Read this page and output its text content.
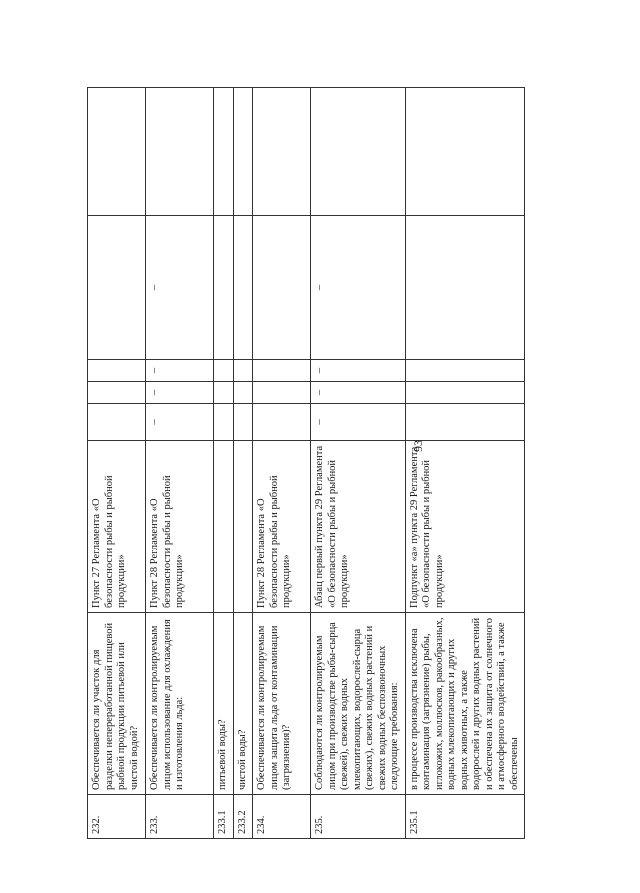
93
232.	Обеспечивается ли участок для разделки непереработанной пищевой рыбной продукции питьевой или чистой водой?	Пункт 27 Регламента «О безопасности рыбы и рыбной продукции»					
233.	Обеспечивается ли контролируемым лицом использование для охлаждения и изготовления льда:	Пункт 28 Регламента «О безопасности рыбы и рыбной продукции»	–	–	–	–	
233.1	питьевой воды?						
233.2	чистой воды?						
234.	Обеспечивается ли контролируемым лицом защита льда от контаминации (загрязнения)?	Пункт 28 Регламента «О безопасности рыбы и рыбной продукции»					
235.	Соблюдаются ли контролируемым лицом при производстве рыбы-сырца (свежей), свежих водных млекопитающих, водорослей-сырца (свежих), свежих водных растений и свежих водных беспозвоночных следующие требования:	Абзац первый пункта 29 Регламента «О безопасности рыбы и рыбной продукции»	–	–	–	–	
235.1	в процессе производства исключена контаминация (загрязнение) рыбы, иглокожих, моллюсков, ракообразных, водных млекопитающих и других водных животных, а также водорослей и других водных растений и обеспечена их защита от солнечного и атмосферного воздействий, а также обеспечены	Подпункт «а» пункта 29 Регламента «О безопасности рыбы и рыбной продукции»					
